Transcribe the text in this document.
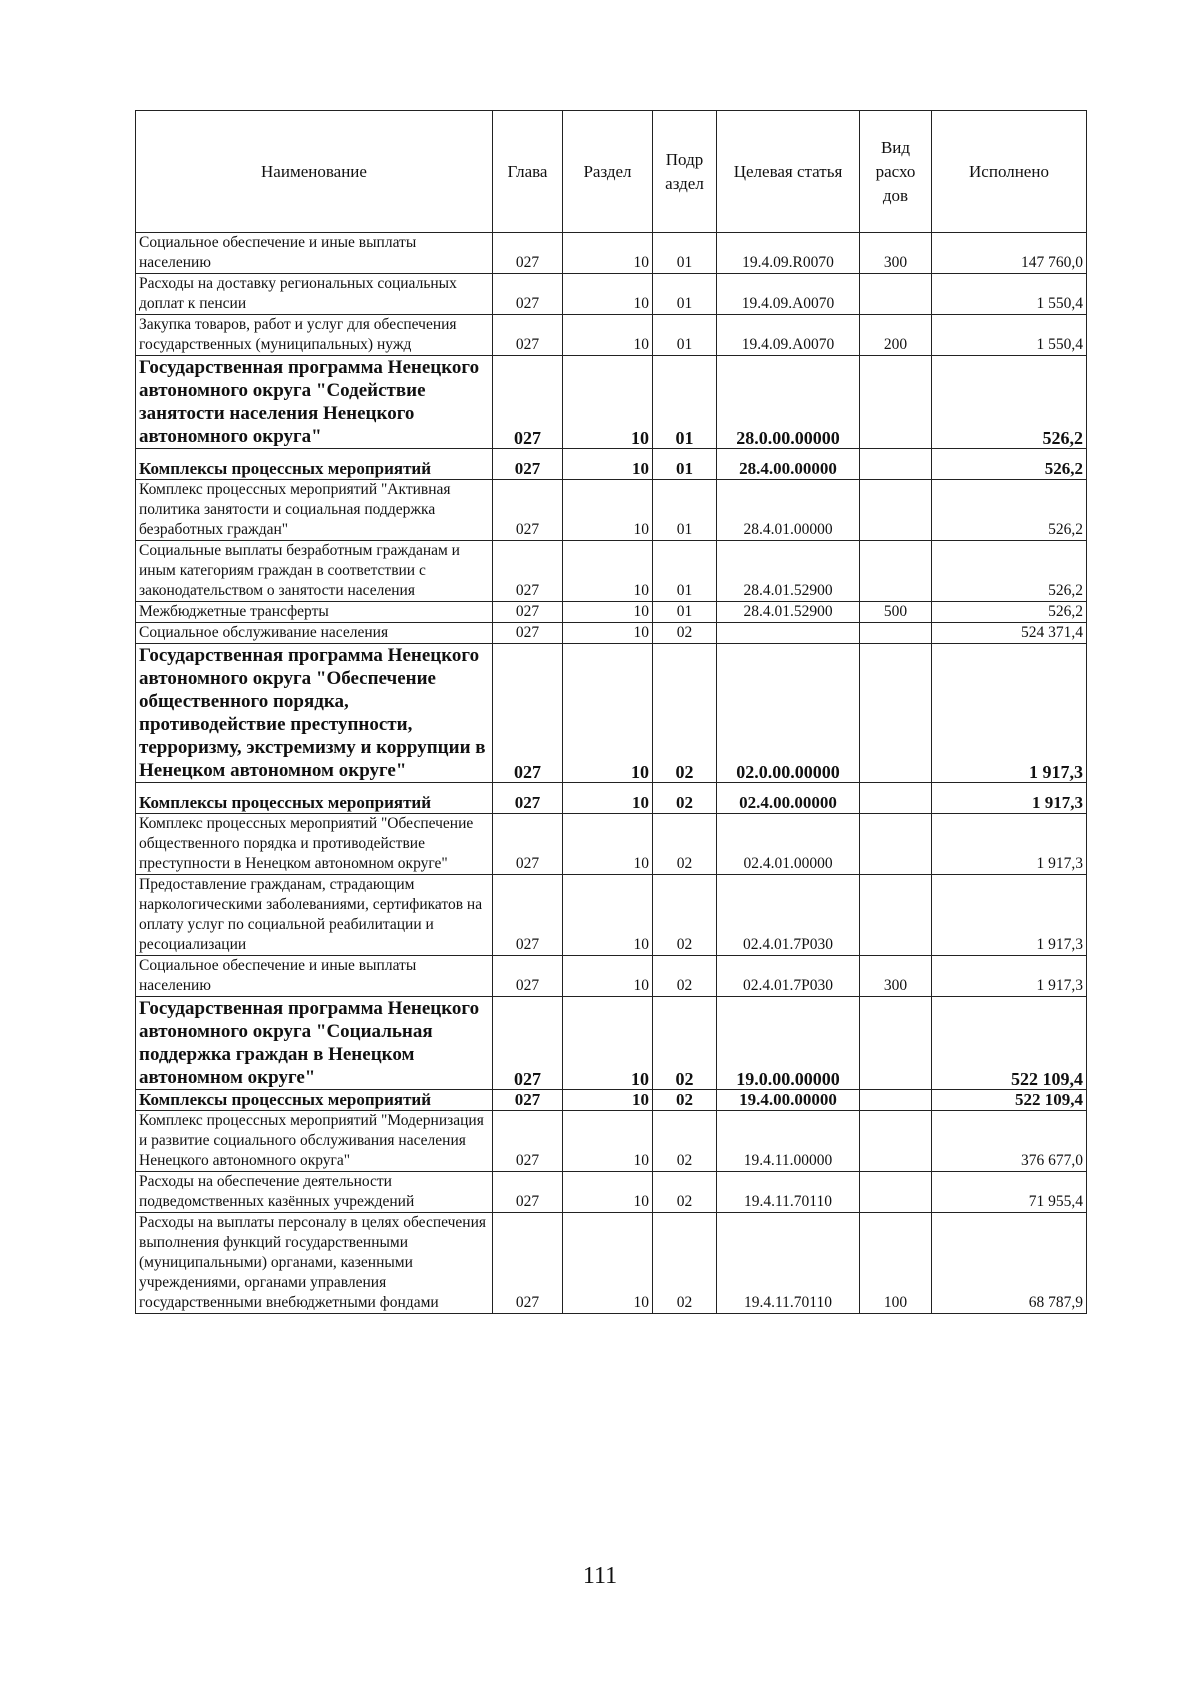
Наименование	Глава	Раздел	Подр аздел	Целевая статья	Вид расхо дов	Исполнено
Социальное обеспечение и иные выплаты населению	027	10	01	19.4.09.R0070	300	147 760,0
Расходы на доставку региональных социальных доплат к пенсии	027	10	01	19.4.09.A0070		1 550,4
Закупка товаров, работ и услуг для обеспечения государственных (муниципальных) нужд	027	10	01	19.4.09.A0070	200	1 550,4
Государственная программа Ненецкого автономного округа "Содействие занятости населения Ненецкого автономного округа"	027	10	01	28.0.00.00000		526,2
Комплексы процессных мероприятий	027	10	01	28.4.00.00000		526,2
Комплекс процессных мероприятий "Активная политика занятости и социальная поддержка безработных граждан"	027	10	01	28.4.01.00000		526,2
Социальные выплаты безработным гражданам и иным категориям граждан в соответствии с законодательством о занятости населения	027	10	01	28.4.01.52900		526,2
Межбюджетные трансферты	027	10	01	28.4.01.52900	500	526,2
Социальное обслуживание населения	027	10	02			524 371,4
Государственная программа Ненецкого автономного округа "Обеспечение общественного порядка, противодействие преступности, терроризму, экстремизму и коррупции в Ненецком автономном округе"	027	10	02	02.0.00.00000		1 917,3
Комплексы процессных мероприятий	027	10	02	02.4.00.00000		1 917,3
Комплекс процессных мероприятий "Обеспечение общественного порядка и противодействие преступности в Ненецком автономном округе"	027	10	02	02.4.01.00000		1 917,3
Предоставление гражданам, страдающим наркологическими заболеваниями, сертификатов на оплату услуг по социальной реабилитации и ресоциализации	027	10	02	02.4.01.7Р030		1 917,3
Социальное обеспечение и иные выплаты населению	027	10	02	02.4.01.7Р030	300	1 917,3
Государственная программа Ненецкого автономного округа "Социальная поддержка граждан в Ненецком автономном округе"	027	10	02	19.0.00.00000		522 109,4
Комплексы процессных мероприятий	027	10	02	19.4.00.00000		522 109,4
Комплекс процессных мероприятий "Модернизация и развитие социального обслуживания населения Ненецкого автономного округа"	027	10	02	19.4.11.00000		376 677,0
Расходы на обеспечение деятельности подведомственных казённых учреждений	027	10	02	19.4.11.70110		71 955,4
Расходы на выплаты персоналу в целях обеспечения выполнения функций государственными (муниципальными) органами, казенными учреждениями, органами управления государственными внебюджетными фондами	027	10	02	19.4.11.70110	100	68 787,9
111
